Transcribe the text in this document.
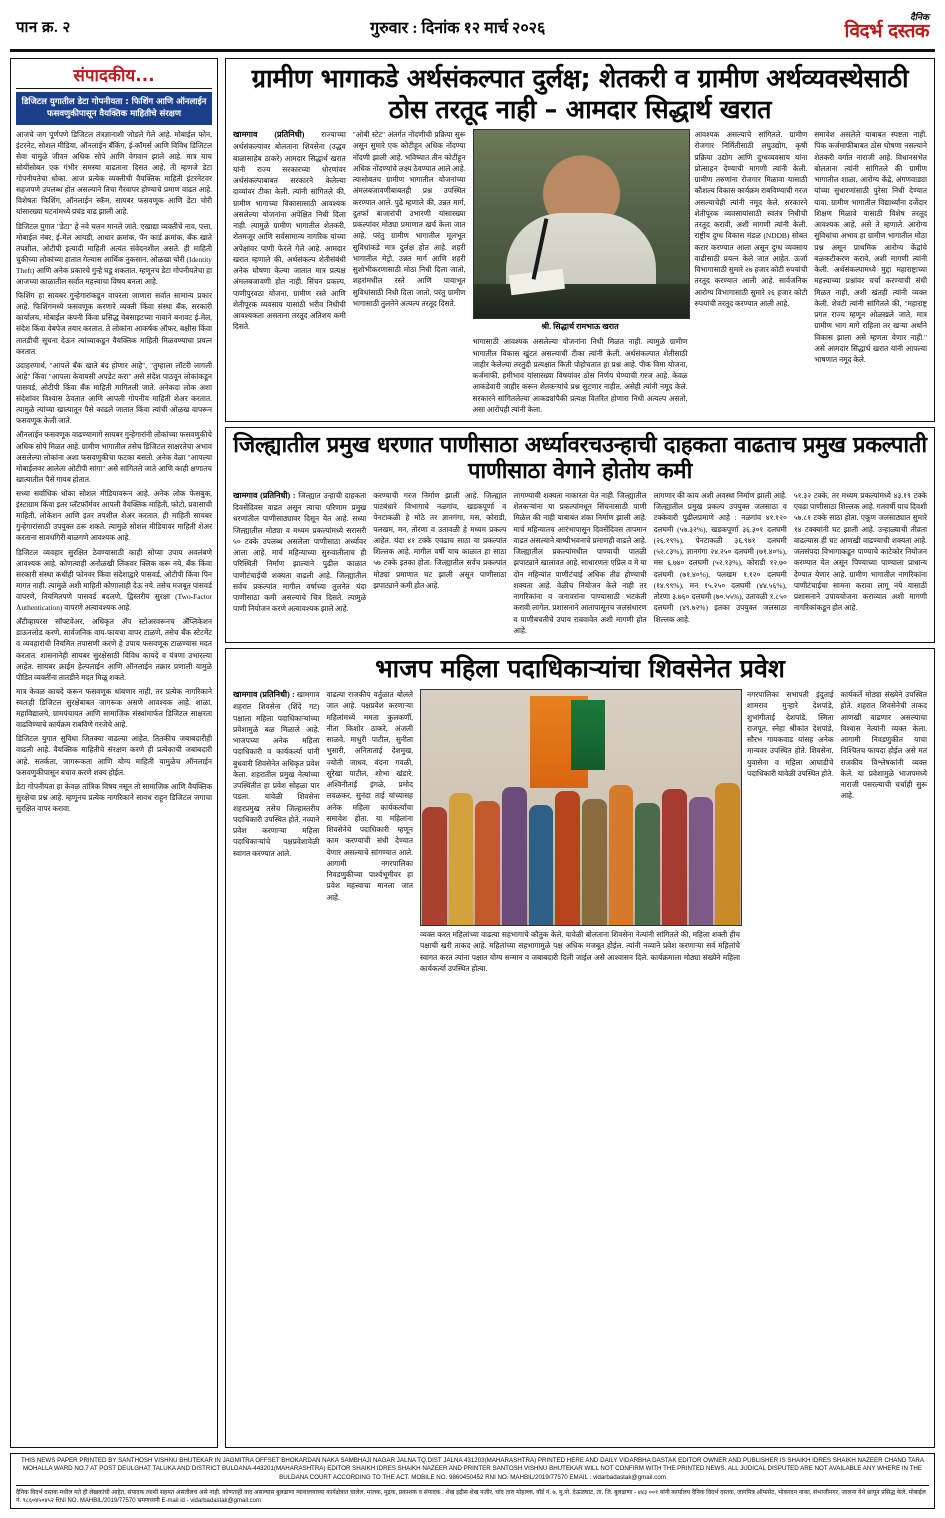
पान क्र. २	गुरुवार : दिनांक १२ मार्च २०२६
दैनिक
विदर्भ दस्तक
संपादकीय...
डिजिटल युगातील डेटा गोपनीयता : फिशिंग आणि ऑनलाईन फसवणुकीपासून वैयक्तिक माहितीचे संरक्षण

आजचे जग पूर्णपणे डिजिटल तंत्रज्ञानाशी जोडले गेले आहे. मोबाईल फोन, इंटरनेट, सोशल मीडिया, ऑनलाईन बँकिंग, ई-कॉमर्स आणि विविध डिजिटल सेवा यामुळे जीवन अधिक सोपे आणि वेगवान झाले आहे. मात्र याच सोयींसोबत एक गंभीर समस्या वाढताना दिसत आहे, ती म्हणजे डेटा गोपनीयतेचा धोका. आज प्रत्येक व्यक्तीची वैयक्तिक माहिती इंटरनेटवर सहजपणे उपलब्ध होत असल्याने तिचा गैरवापर होण्याचे प्रमाण वाढत आहे. विशेषतः फिशिंग, ऑनलाईन स्कॅम, सायबर फसवणूक आणि डेटा चोरी यांसारख्या घटनांमध्ये प्रचंड वाढ झाली आहे.

डिजिटल युगात "डेटा" हे नवे चलन मानले जाते. एखाद्या व्यक्तीचे नाव, पत्ता, मोबाईल नंबर, ई-मेल आयडी, आधार क्रमांक, पॅन कार्ड क्रमांक, बँक खाते तपशील, ओटीपी इत्यादी माहिती अत्यंत संवेदनशील असते. ही माहिती चुकीच्या लोकांच्या हातात गेल्यास आर्थिक नुकसान, ओळखा चोरी (Identity Theft) आणि अनेक प्रकारचे गुन्हे घडू शकतात. म्हणूनच डेटा गोपनीयतेचा हा आजच्या काळातील सर्वात महत्त्वाचा विषय बनला आहे.

फिशिंग हा सायबर गुन्हेगारांकडून वापरला जाणारा सर्वात सामान्य प्रकार आहे. फिशिंगमध्ये फसवणूक करणारे व्यक्ती किंवा संस्था बँक, सरकारी कार्यालय, मोबाईल कंपनी किंवा प्रसिद्ध वेबसाइटच्या नावाने बनावट ई-मेल, संदेश किंवा वेबपेज तयार करतात. ते लोकांना आकर्षक ऑफर, बक्षीस किंवा तातडीची सूचना देऊन त्यांच्याकडून वैयक्तिक माहिती मिळवण्याचा प्रयत्न करतात.

उदाहरणार्थ, "आपले बँक खाते बंद होणार आहे", "तुम्हाला लॉटरी लागली आहे" किंवा "आपला केवायसी अपडेट करा" असे संदेश पाठवून लोकांकडून पासवर्ड, ओटीपी किंवा बँक माहिती मागितली जाते. अनेकदा लोक अशा संदेशांवर विश्वास ठेवतात आणि आपली गोपनीय माहिती शेअर करतात. त्यामुळे त्यांच्या खात्यातून पैसे काढले जातात किंवा त्यांची ओळख वापरून फसवणूक केली जाते.

ऑनलाईन फसवणूक वाढण्यामागे सायबर गुन्हेगारांनी लोकांच्या फसवणुकीचे अधिक सोपे मिळत आहे. ग्रामीण भागातील तसेच डिजिटल साक्षरतेचा अभाव असलेल्या लोकांना अशा फसवणुकीचा फटका बसतो. अनेक वेळा "आपल्या मोबाईलवर आलेला ओटीपी सांगा" असे सांगितले जाते आणि काही क्षणातच खात्यातील पैसे गायब होतात.

सध्या सर्वाधिक धोका सोशल मीडियावरून आहे. अनेक लोक फेसबुक, इंस्टाग्राम किंवा इतर प्लॅटफॉर्मवर आपली वैयक्तिक माहिती, फोटो, प्रवासाची माहिती, लोकेशन आणि इतर तपशील शेअर करतात. ही माहिती सायबर गुन्हेगारांसाठी उपयुक्त ठरू शकते. त्यामुळे सोशल मीडियावर माहिती शेअर करताना सावधगिरी बाळगणे आवश्यक आहे.

डिजिटल व्यवहार सुरक्षित ठेवण्यासाठी काही सोप्या उपाय अवलंबणे आवश्यक आहे. कोणत्याही अनोळखी लिंकवर क्लिक करू नये, बँक किंवा सरकारी संस्था कधीही फोनवर किंवा संदेशाद्वारे पासवर्ड, ओटीपी किंवा पिन मागत नाही. त्यामुळे अशी माहिती कोणालाही देऊ नये. तसेच मजबूत पासवर्ड वापरणे, नियमितपणे पासवर्ड बदलणे, द्विस्तरीय सुरक्षा (Two-Factor Authentication) वापरणे अत्यावश्यक आहे.

अँटीव्हायरस सॉफ्टवेअर, अधिकृत ॲप स्टोअरवरूनच ॲप्लिकेशन डाऊनलोड करणे, सार्वजनिक वाय-फायचा वापर टाळणे, तसेच बँक स्टेटमेंट व व्यवहारांची नियमित तपासणी करणे हे उपाय फसवणूक टाळण्यास मदत करतात. शासनानेही सायबर सुरक्षेसाठी विविध कायदे व यंत्रणा उभारल्या आहेत. सायबर क्राईम हेल्पलाईन आणि ऑनलाईन तक्रार प्रणाली यामुळे पीडित व्यक्तींना तातडीने मदत मिळू शकते.

मात्र केवळ कायदे करून फसवणूक थांबणार नाही, तर प्रत्येक नागरिकाने स्वतःही डिजिटल सुरक्षेबाबत जागरूक असणे आवश्यक आहे. शाळा, महाविद्यालये, ग्रामपंचायत आणि सामाजिक संस्थांमार्फत डिजिटल साक्षरता वाढविण्याचे कार्यक्रम राबविणे गरजेचे आहे.

डिजिटल युगात सुविधा जितक्या वाढल्या आहेत, तितकीच जबाबदारीही वाढली आहे. वैयक्तिक माहितीचे संरक्षण करणे ही प्रत्येकाची जबाबदारी आहे. सतर्कता, जागरूकता आणि योग्य माहिती यामुळेच ऑनलाईन फसवणुकीपासून बचाव करणे शक्य होईल.

डेटा गोपनीयता हा केवळ तांत्रिक विषय नसून तो सामाजिक आणि वैयक्तिक सुरक्षेचा प्रश्न आहे. म्हणूनच प्रत्येक नागरिकाने सावध राहून डिजिटल जगाचा सुरक्षित वापर करावा.

ग्रामीण भागाकडे अर्थसंकल्पात दुर्लक्ष; शेतकरी व ग्रामीण अर्थव्यवस्थेसाठी ठोस तरतूद नाही – आमदार सिद्धार्थ खरात

खामगाव (प्रतिनिधी) राज्याच्या अर्थसंकल्पावर बोलताना शिवसेना (उद्धव बाळासाहेब ठाकरे) आमदार सिद्धार्थ खरात यांनी राज्य सरकारच्या धोरणांवर अर्थसंकल्पाबाबत सरकारने केलेल्या दाव्यांवर टीका केली. त्यांनी सांगितले की, ग्रामीण भागाच्या विकासासाठी आवश्यक असलेल्या योजनांना अपेक्षित निधी दिला नाही. त्यामुळे ग्रामीण भागातील शेतकरी, शेतमजूर आणि सर्वसामान्य नागरिक यांच्या अपेक्षांवर पाणी फेरले गेले आहे. आमदार खरात म्हणाले की, अर्थसंकल्प शेतीसंबंधी अनेक घोषणा केल्या जातात मात्र प्रत्यक्ष अंमलबजावणी होत नाही. सिंचन प्रकल्प, पाणीपुरवठा योजना, ग्रामीण रस्ते आणि शेतीपूरक व्यवसाय यासाठी भरीव निधीची आवश्यकता असताना तरतूद अतिशय कमी दिसते.

"ओबी स्टेट" अंतर्गत नोंदणीची प्रक्रिया सुरू असून सुमारे एक कोटीहून अधिक नोंदण्या नोंदणी झाली आहे. भविष्यात तीन कोटींहून अधिक नोंदण्यांचे लक्ष्य ठेवण्यात आले आहे. त्यासोबतच ग्रामीण भागातील योजनांच्या अंमलबजावणीबाबतही प्रश्न उपस्थित करण्यात आले. पुढे म्हणाले की, उन्नत मार्ग, दुतर्फा बाजारांची उभारणी यांसारख्या प्रकल्पांवर मोठ्या प्रमाणात खर्च केला जात आहे, परंतु ग्रामीण भागातील मूलभूत सुविधांकडे मात्र दुर्लक्ष होत आहे. शहरी भागातील मेट्रो, उन्नत मार्ग आणि शहरी सुशोभीकरणासाठी मोठा निधी दिला जातो, शहरांमधील रस्ते आणि पायाभूत सुविधांसाठी निधी दिला जातो, परंतु ग्रामीण भागासाठी तुलनेने अत्यल्प तरतूद दिसते.

श्री. सिद्धार्थ रामभाऊ खरात
भागासाठी आवश्यक असलेल्या योजनांना निधी मिळत नाही. त्यामुळे ग्रामीण भागातील विकास खुंटत असल्याची टीका त्यांनी केली. अर्थसंकल्पात शेतीसाठी जाहीर केलेल्या तरतुदी प्रत्यक्षात किती पोहोचतात हा प्रश्न आहे. पीक विमा योजना, कर्जमाफी, हमीभाव यांसारख्या विषयांवर ठोस निर्णय घेण्याची गरज आहे. केवळ आकडेवारी जाहीर करून शेतकऱ्यांचे प्रश्न सुटणार नाहीत, असेही त्यांनी नमूद केले. सरकारने सांगितलेल्या आकड्यांपैकी प्रत्यक्ष वितरित होणारा निधी अत्यल्प असतो, असा आरोपही त्यांनी केला.

आवश्यक असल्याचे सांगितले. ग्रामीण रोजगार निर्मितीसाठी लघुउद्योग, कृषी प्रक्रिया उद्योग आणि दुग्धव्यवसाय यांना प्रोत्साहन देण्याची मागणी त्यांनी केली. ग्रामीण तरुणांना रोजगार मिळावा यासाठी कौशल्य विकास कार्यक्रम राबविण्याची गरज असल्याचेही त्यांनी नमूद केले. सरकारने शेतीपूरक व्यवसायांसाठी स्वतंत्र निधीची तरतूद करावी, अशी मागणी त्यांनी केली. राष्ट्रीय दुग्ध विकास मंडळ (NDDB) सोबत करार करण्यात आला असून दुग्ध व्यवसाय वाढीसाठी प्रयत्न केले जात आहेत. ऊर्जा विभागासाठी सुमारे २७ हजार कोटी रुपयांची तरतूद करण्यात आली आहे. सार्वजनिक आरोग्य विभागासाठी सुमारे २६ हजार कोटी रुपयांची तरतूद करण्यात आली आहे.

समावेश असलेले याबाबत स्पष्टता नाही. पिक कर्जमाफीबाबत ठोस घोषणा नसल्याने शेतकरी वर्गात नाराजी आहे. विधानसभेत बोलताना त्यांनी सांगितले की ग्रामीण भागातील शाळा, आरोग्य केंद्रे, अंगणवाड्या यांच्या सुधारणांसाठी पुरेसा निधी देण्यात यावा. ग्रामीण भागातील विद्यार्थ्यांना दर्जेदार शिक्षण मिळावे यासाठी विशेष तरतूद आवश्यक आहे, असे ते म्हणाले. आरोग्य सुविधांचा अभाव हा ग्रामीण भागातील मोठा प्रश्न असून प्राथमिक आरोग्य केंद्रांचे बळकटीकरण करावे, अशी मागणी त्यांनी केली. अर्थसंकल्पामध्ये मुद्दा महाराष्ट्राच्या महत्त्वाच्या प्रश्नांवर चर्चा करण्याची संधी मिळत नाही, अशी खंतही त्यांनी व्यक्त केली. शेवटी त्यांनी सांगितले की, "महाराष्ट्र प्रगत राज्य म्हणून ओळखले जाते, मात्र ग्रामीण भाग मागे राहिला तर खऱ्या अर्थाने विकास झाला असे म्हणता येणार नाही." असे आमदार सिद्धार्थ खरात यांनी आपल्या भाषणात नमूद केले.

जिल्ह्यातील प्रमुख धरणात पाणीसाठा अर्ध्यावरचउन्हाची दाहकता वाढताच प्रमुख प्रकल्पाती पाणीसाठा वेगाने होतोय कमी

खामगाव (प्रतिनिधी) : जिल्ह्यात उन्हाची दाहकता दिवसेंदिवस वाढत असून त्याचा परिणाम प्रमुख धरणांतील पाणीसाठ्यावर दिसून येत आहे. सध्या जिल्ह्यातील मोठ्या व मध्यम प्रकल्पांमध्ये सरासरी ५० टक्के उपलब्ध असलेला पाणीसाठा अर्ध्यावर आला आहे. मार्च महिन्याच्या सुरुवातीलाच ही परिस्थिती निर्माण झाल्याने पुढील काळात पाणीटंचाईची शक्यता वाढली आहे. जिल्ह्यातील सर्वच प्रकल्पांत मागील वर्षाच्या तुलनेत यंदा पाणीसाठा कमी असल्याचे चित्र दिसते. त्यामुळे पाणी नियोजन करणे अत्यावश्यक झाले आहे.

करण्याची गरज निर्माण झाली आहे. जिल्ह्यात पाटबंधारे विभागाचे नळगांव, खडकपूर्णा व पेनटाकळी हे मोठे तर ज्ञानगंगा, मस, कोराडी, पलखम, मन, तोरणा व उतावळी हे मध्यम प्रकल्प आहेत. यंदा ४१ टक्के एवढाच साठा या प्रकल्पांत शिल्लक आहे. मागील वर्षी याच काळात हा साठा ५७ टक्के इतका होता. जिल्ह्यातील सर्वच प्रकल्पांत मोठ्या प्रमाणात घट झाली असून पाणीसाठा झपाट्याने कमी होत आहे.

लागण्याची शक्यता नाकारता येत नाही. जिल्ह्यातील शेतकऱ्यांना या प्रकल्पांमधून सिंचनासाठी पाणी मिळेल की नाही याबाबत शंका निर्माण झाली आहे. मार्च महिन्यातच आरंभापासून दिवसेंदिवस तापमान वाढत असल्याने बाष्पीभवनाचे प्रमाणही वाढले आहे. जिल्ह्यातील प्रकल्पांमधील पाण्याची पातळी झपाट्याने खालावत आहे. साधारणतः एप्रिल व मे या दोन महिन्यांत पाणीटंचाई अधिक तीव्र होण्याची शक्यता आहे. वेळीच नियोजन केले नाही तर नागरिकांना व जनावरांना पाण्यासाठी भटकंती करावी लागेल. प्रशासनाने आतापासूनच जलसंधारण व पाणीबचतीचे उपाय राबवावेत अशी मागणी होत आहे.

लागणार की काय अशी अवस्था निर्माण झाली आहे. जिल्ह्यातील प्रमुख प्रकल्प उपयुक्त जलसाठा व टक्केवारी पुढीलप्रमाणे आहे : नळगांव ४१.१२० दलघमी (५७.३२%), खडकपूर्णा ३६.३०१ दलघमी (२६.१९%), पेनटाकळी ३६.९७१ दलघमी (५२.८३%), ज्ञानगंगा २४.२५० दलघमी (७१.४०%), मस ६.७४० दलघमी (५२.१३%), कोराडी १२.७० दलघमी (७१.४०%), पलखम १.१२० दलघमी (१४.९९%), मन १५.२५० दलघमी (४४.५६%), तोरणा ३.७६० दलघमी (७०.५५%), उतावळी १.८५० दलघमी (४९.७२%) इतका उपयुक्त जलसाठा शिल्लक आहे.

५१.३२ टक्के, तर मध्यम प्रकल्पांमध्ये ४३.१९ टक्के एवढा पाणीसाठा शिल्लक आहे. गतवर्षी याच दिवशी ५७.८१ टक्के साठा होता. एकूण जलसाठ्यात सुमारे १४ टक्क्यांनी घट झाली आहे. उन्हाळ्याची तीव्रता वाढल्यास ही घट आणखी वाढण्याची शक्यता आहे. जलसंपदा विभागाकडून पाण्याचे काटेकोर नियोजन करण्यात येत असून पिण्याच्या पाण्याला प्राधान्य देण्यात येणार आहे. ग्रामीण भागातील नागरिकांना पाणीटंचाईचा सामना करावा लागू नये यासाठी प्रशासनाने उपाययोजना कराव्यात अशी मागणी नागरिकांकडून होत आहे.

भाजप महिला पदाधिकाऱ्यांचा शिवसेनेत प्रवेश

खामगाव (प्रतिनिधी) : खामगाव शहरात शिवसेना (शिंदे गट) पक्षाला महिला पदाधिकाऱ्यांच्या प्रवेशामुळे बळ मिळाले आहे. भाजपच्या अनेक महिला पदाधिकारी व कार्यकर्त्या यांनी बुधवारी शिवसेनेत अधिकृत प्रवेश केला. शहरातील प्रमुख नेत्यांच्या उपस्थितीत हा प्रवेश सोहळा पार पडला. यावेळी शिवसेना शहरप्रमुख तसेच जिल्हास्तरीय पदाधिकारी उपस्थित होते. नव्याने प्रवेश करणाऱ्या महिला पदाधिकाऱ्यांचे पक्षप्रवेशावेळी स्वागत करण्यात आले.

वाढत्या राजकीय वर्तुळात बोलले जात आहे. पक्षप्रवेश करणाऱ्या महिलांमध्ये ममता कुलकर्णी, नीता किशोर ठाकरे, अंजली साळवे, माधुरी पाटील, सुनीता भुसारी, अनिताताई देशमुख, ज्योती जाधव, वंदना गवळी, सुरेखा पाटील, शोभा खंडारे, अश्विनीताई इंगळे, प्रमोद लवळकर, सुनंदा ताई यांच्यासह अनेक महिला कार्यकर्त्यांचा समावेश होता. या महिलांना शिवसेनेचे पदाधिकारी म्हणून काम करण्याची संधी देण्यात येणार असल्याचे सांगण्यात आले. आगामी नगरपालिका निवडणुकीच्या पार्श्वभूमीवर हा प्रवेश महत्त्वाचा मानला जात आहे.

व्यक्त करत महिलांच्या वाढत्या सहभागाचे कौतुक केले. यावेळी बोलताना शिवसेना नेत्यांनी सांगितले की, महिला शक्ती हीच पक्षाची खरी ताकद आहे. महिलांच्या सहभागामुळे पक्ष अधिक मजबूत होईल. त्यांनी नव्याने प्रवेश करणाऱ्या सर्व महिलांचे स्वागत करत त्यांना पक्षात योग्य सन्मान व जबाबदारी दिली जाईल असे आश्वासन दिले. कार्यक्रमाला मोठ्या संख्येने महिला कार्यकर्त्या उपस्थित होत्या.

नगरपालिका सभापती इंदुताई शामराव मुऱ्हारे देशपांडे, शुभांगीताई देशपांडे, स्मिता राजपूत, स्नेहा श्रीकांत देशपांडे, सौरभ गायकवाड यांसह अनेक मान्यवर उपस्थित होते. शिवसेना, युवासेना व महिला आघाडीचे पदाधिकारी यावेळी उपस्थित होते.

कार्यकर्ते मोठ्या संख्येने उपस्थित होते. शहरात शिवसेनेची ताकद आणखी वाढणार असल्याचा विश्वास नेत्यांनी व्यक्त केला. आगामी निवडणुकीत याचा निश्चितच फायदा होईल असे मत राजकीय विश्लेषकांनी व्यक्त केले. या प्रवेशामुळे भाजपमध्ये नाराजी पसरल्याची चर्चाही सुरू आहे.

THIS NEWS PAPER PRINTED BY SANTHOSH VISHNU BHUTEKAR IN JAGMITRA OFFSET BHOKARDAN NAKA SAMBHAJI NAGAR JALNA TQ.DIST JALNA 431203(MAHARASHTRA) PRINTED HERE AND DAILY VIDARBHA DASTAK EDITOR OWNER AND PUBLISHER IS SHAIKH IDRES SHAIKH NAZEER CHAND TARA MOHALLA WARD NO.7 AT POST DEULGHAT TALUKA AND DISTRICT BULDANA-443201(MAHARASHTRA) EDITOR SHAIKH IDRES SHAIKH NAZEER AND PRINTER SANTOSH VISHNU BHUTEKAR WILL NOT CONFIRM WITH THE PRINTED NEWS. ALL JUDICAL DISPUTED ARE NOT AVAILABLE ANY WHERE IN THE BULDANA COURT ACCORDING TO THE ACT. MOBILE NO. 9860450452 RNI NO. MAHBIL/2019/77570 EMAIL : vidarbadastak@gmail.com
दैनिक विदर्भ दस्तक मधील मते ही लेखकांची आहेत, संपादक त्याशी सहमत असतीलच असे नाही. कोणताही वाद असल्यास बुलढाणा न्यायालयाच्या कार्यक्षेत्रात चालेल. मालक, मुद्रक, प्रकाशक व संपादक : शेख इद्रीस शेख नजीर, चांद तारा मोहल्ला, वॉर्ड नं. ७, मु.पो. देऊळघाट, ता. जि. बुलढाणा - ४४३ ००१ यांनी कार्यालय दैनिक विदर्भ दस्तक, जागमित्र ऑफसेट, भोकरदन नाका, संभाजीनगर, जालना येथे छापून प्रसिद्ध केले. मोबाईल नं. ९८६०४५०४५२ RNI NO. MAHBIL/2019/77570 भ्रमणध्वनी E-mail id - vidarbadastak@gmail.com
